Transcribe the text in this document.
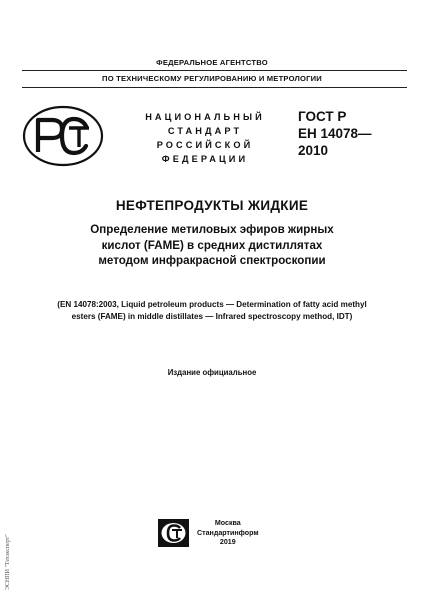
ФЕДЕРАЛЬНОЕ АГЕНТСТВО
ПО ТЕХНИЧЕСКОМУ РЕГУЛИРОВАНИЮ И МЕТРОЛОГИИ
НАЦИОНАЛЬНЫЙ
СТАНДАРТ
РОССИЙСКОЙ
ФЕДЕРАЦИИ
ГОСТ Р
ЕН 14078—
2010
НЕФТЕПРОДУКТЫ ЖИДКИЕ
Определение метиловых эфиров жирных
кислот (FAME) в средних дистиллятах
методом инфракрасной спектроскопии
(EN 14078:2003, Liquid petroleum products — Determination of fatty acid methyl
esters (FAME) in middle distillates — Infrared spectroscopy method, IDT)
Издание официальное
Москва
Стандартинформ
2019
ЭСНПИ "Техэксперт"
